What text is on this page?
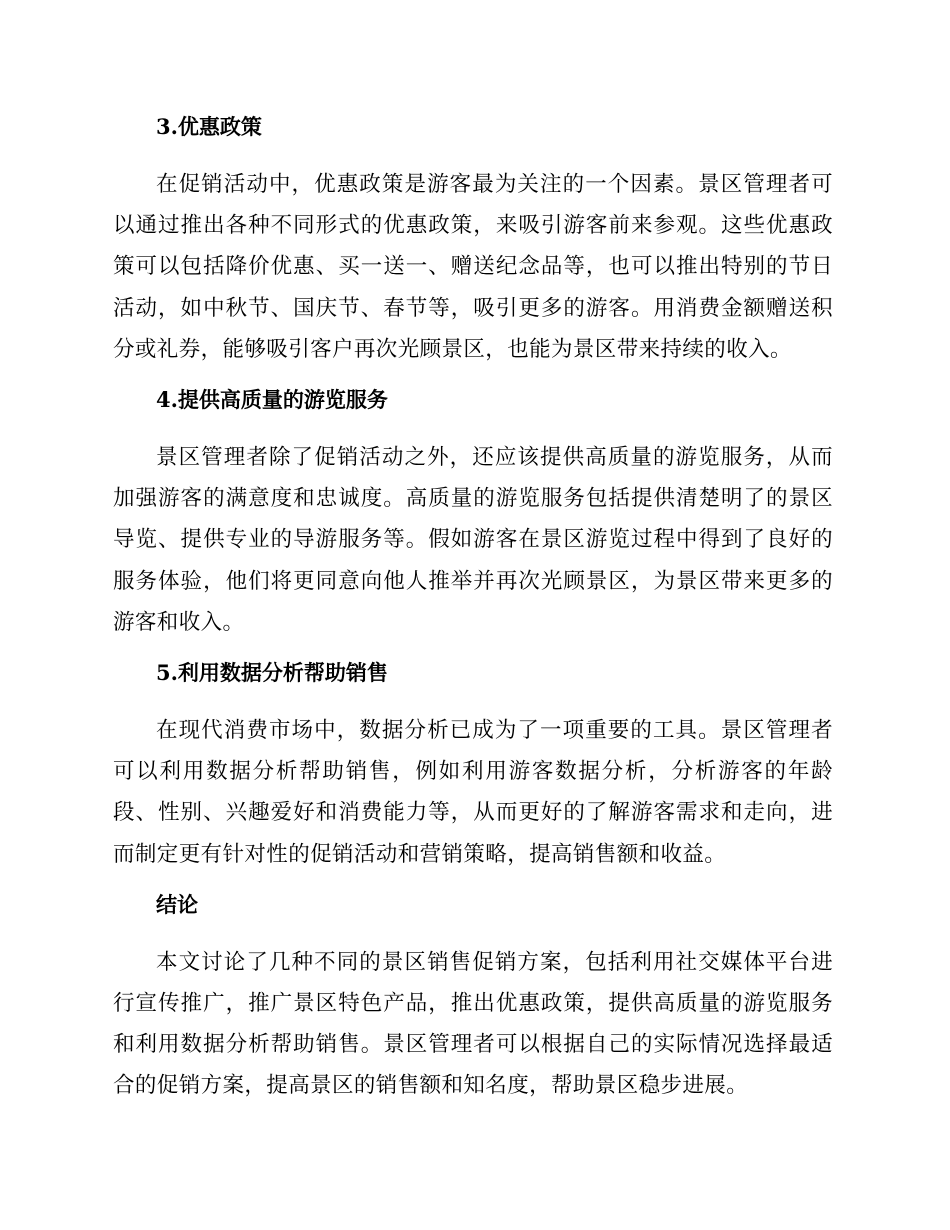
3.优惠政策

在促销活动中，优惠政策是游客最为关注的一个因素。景区管理者可以通过推出各种不同形式的优惠政策，来吸引游客前来参观。这些优惠政策可以包括降价优惠、买一送一、赠送纪念品等，也可以推出特别的节日活动，如中秋节、国庆节、春节等，吸引更多的游客。用消费金额赠送积分或礼券，能够吸引客户再次光顾景区，也能为景区带来持续的收入。

4.提供高质量的游览服务

景区管理者除了促销活动之外，还应该提供高质量的游览服务，从而加强游客的满意度和忠诚度。高质量的游览服务包括提供清楚明了的景区导览、提供专业的导游服务等。假如游客在景区游览过程中得到了良好的服务体验，他们将更同意向他人推举并再次光顾景区，为景区带来更多的游客和收入。

5.利用数据分析帮助销售

在现代消费市场中，数据分析已成为了一项重要的工具。景区管理者可以利用数据分析帮助销售，例如利用游客数据分析，分析游客的年龄段、性别、兴趣爱好和消费能力等，从而更好的了解游客需求和走向，进而制定更有针对性的促销活动和营销策略，提高销售额和收益。

结论

本文讨论了几种不同的景区销售促销方案，包括利用社交媒体平台进行宣传推广，推广景区特色产品，推出优惠政策，提供高质量的游览服务和利用数据分析帮助销售。景区管理者可以根据自己的实际情况选择最适合的促销方案，提高景区的销售额和知名度，帮助景区稳步进展。
